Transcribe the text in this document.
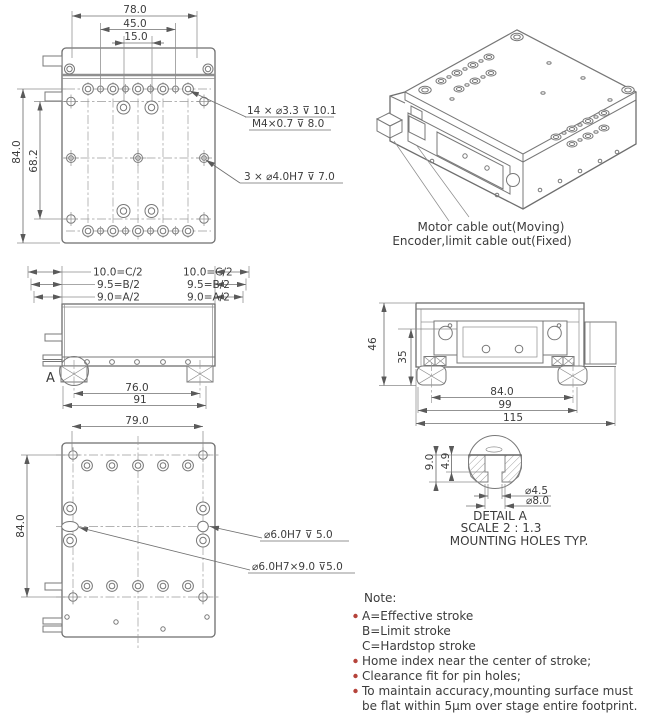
78.0
45.0
15.0
84.0 68.2
14 × ⌀3.3 ⊽ 10.1
M4×0.7 ⊽ 8.0
3 × ⌀4.0H7 ⊽ 7.0
Motor cable out(Moving)
Encoder,limit cable out(Fixed)
A
10.0=C/2
9.5=B/2
9.0=A/2
10.0=C/2
9.5=B/2
9.0=A/2
76.0
91
46
35
84.0
99
115
79.0
84.0	⌀6.0H7 ⊽ 5.0
⌀6.0H7×9.0 ⊽5.0
9.0 4.9
⌀4.5
⌀8.0
DETAIL A
SCALE 2 : 1.3
MOUNTING HOLES TYP.
Note:
A=Effective stroke
B=Limit stroke
C=Hardstop stroke
Home index near the center of stroke;
Clearance fit for pin holes;
To maintain accuracy,mounting surface must
be flat within 5μm over stage entire footprint.
